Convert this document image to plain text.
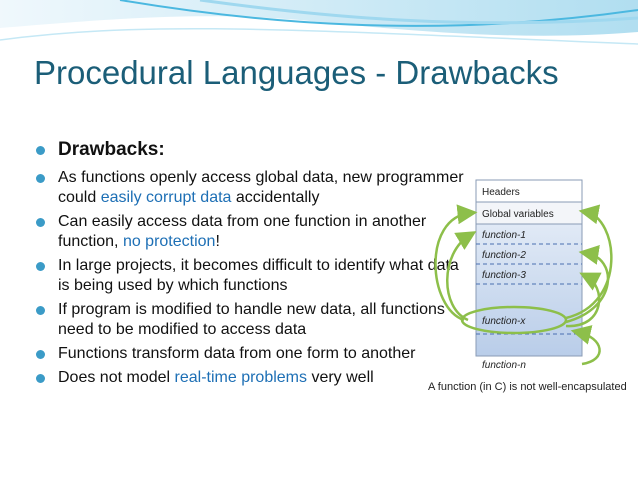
Procedural Languages - Drawbacks
Drawbacks:
As functions openly access global data, new programmer could easily corrupt data accidentally
Can easily access data from one function in another function, no protection!
In large projects, it becomes difficult to identify what data is being used by which functions
If program is modified to handle new data, all functions need to be modified to access data
Functions transform data from one form to another
Does not model real-time problems very well
Headers
Global variables
function-1
function-2
function-3
function-x
function-n
A function (in C) is not well-encapsulated
